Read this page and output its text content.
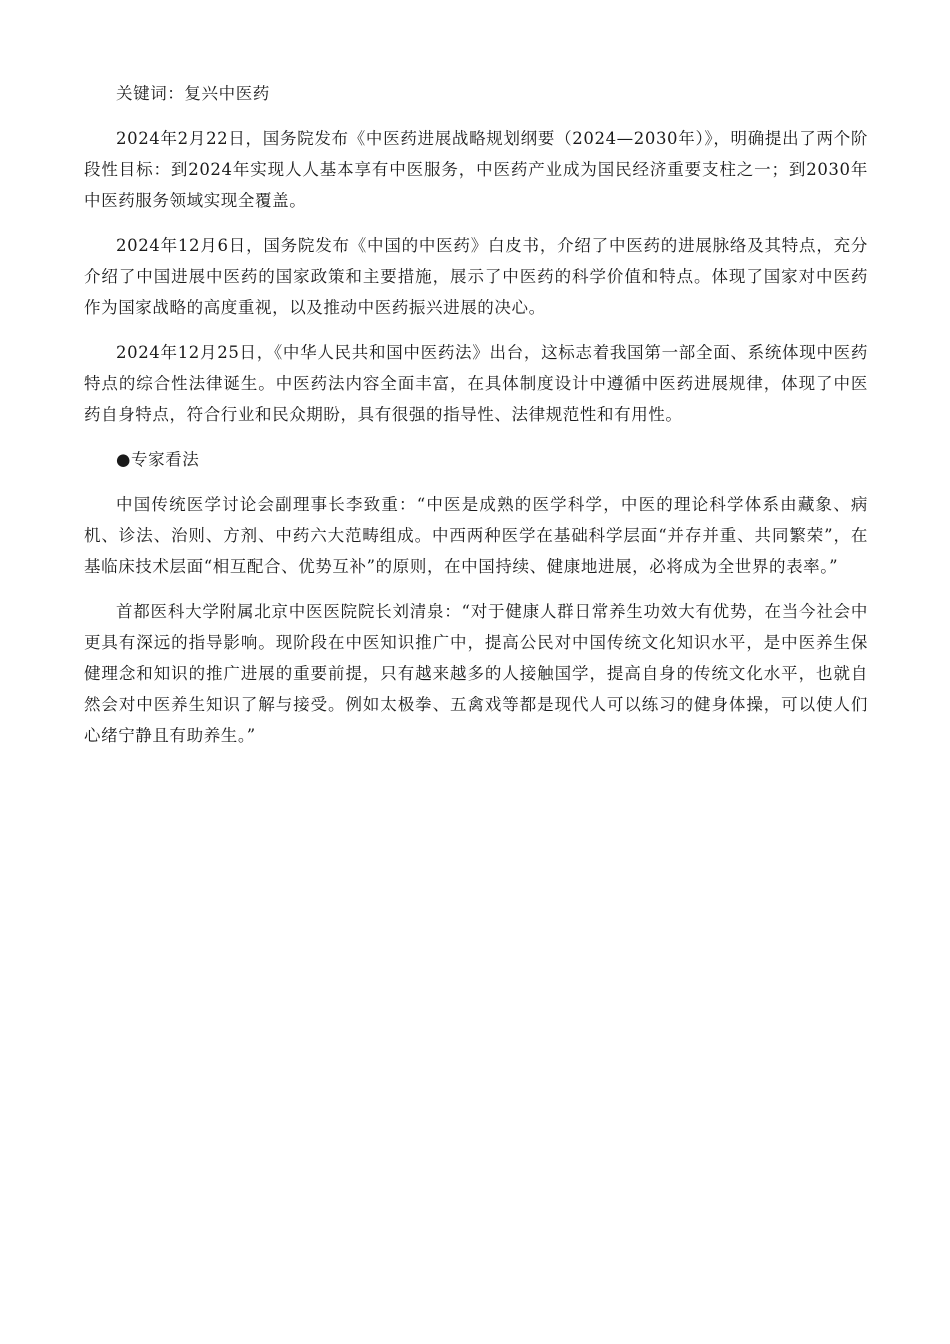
关键词：复兴中医药

2024年2月22日，国务院发布《中医药进展战略规划纲要（2024—2030年）》，明确提出了两个阶段性目标：到2024年实现人人基本享有中医服务，中医药产业成为国民经济重要支柱之一；到2030年中医药服务领域实现全覆盖。

2024年12月6日，国务院发布《中国的中医药》白皮书，介绍了中医药的进展脉络及其特点，充分介绍了中国进展中医药的国家政策和主要措施，展示了中医药的科学价值和特点。体现了国家对中医药作为国家战略的高度重视，以及推动中医药振兴进展的决心。

2024年12月25日，《中华人民共和国中医药法》出台，这标志着我国第一部全面、系统体现中医药特点的综合性法律诞生。中医药法内容全面丰富，在具体制度设计中遵循中医药进展规律，体现了中医药自身特点，符合行业和民众期盼，具有很强的指导性、法律规范性和有用性。

●专家看法

中国传统医学讨论会副理事长李致重：“中医是成熟的医学科学，中医的理论科学体系由藏象、病机、诊法、治则、方剂、中药六大范畴组成。中西两种医学在基础科学层面“并存并重、共同繁荣”，在基临床技术层面“相互配合、优势互补”的原则，在中国持续、健康地进展，必将成为全世界的表率。”

首都医科大学附属北京中医医院院长刘清泉：“对于健康人群日常养生功效大有优势，在当今社会中更具有深远的指导影响。现阶段在中医知识推广中，提高公民对中国传统文化知识水平，是中医养生保健理念和知识的推广进展的重要前提，只有越来越多的人接触国学，提高自身的传统文化水平，也就自然会对中医养生知识了解与接受。例如太极拳、五禽戏等都是现代人可以练习的健身体操，可以使人们心绪宁静且有助养生。”
